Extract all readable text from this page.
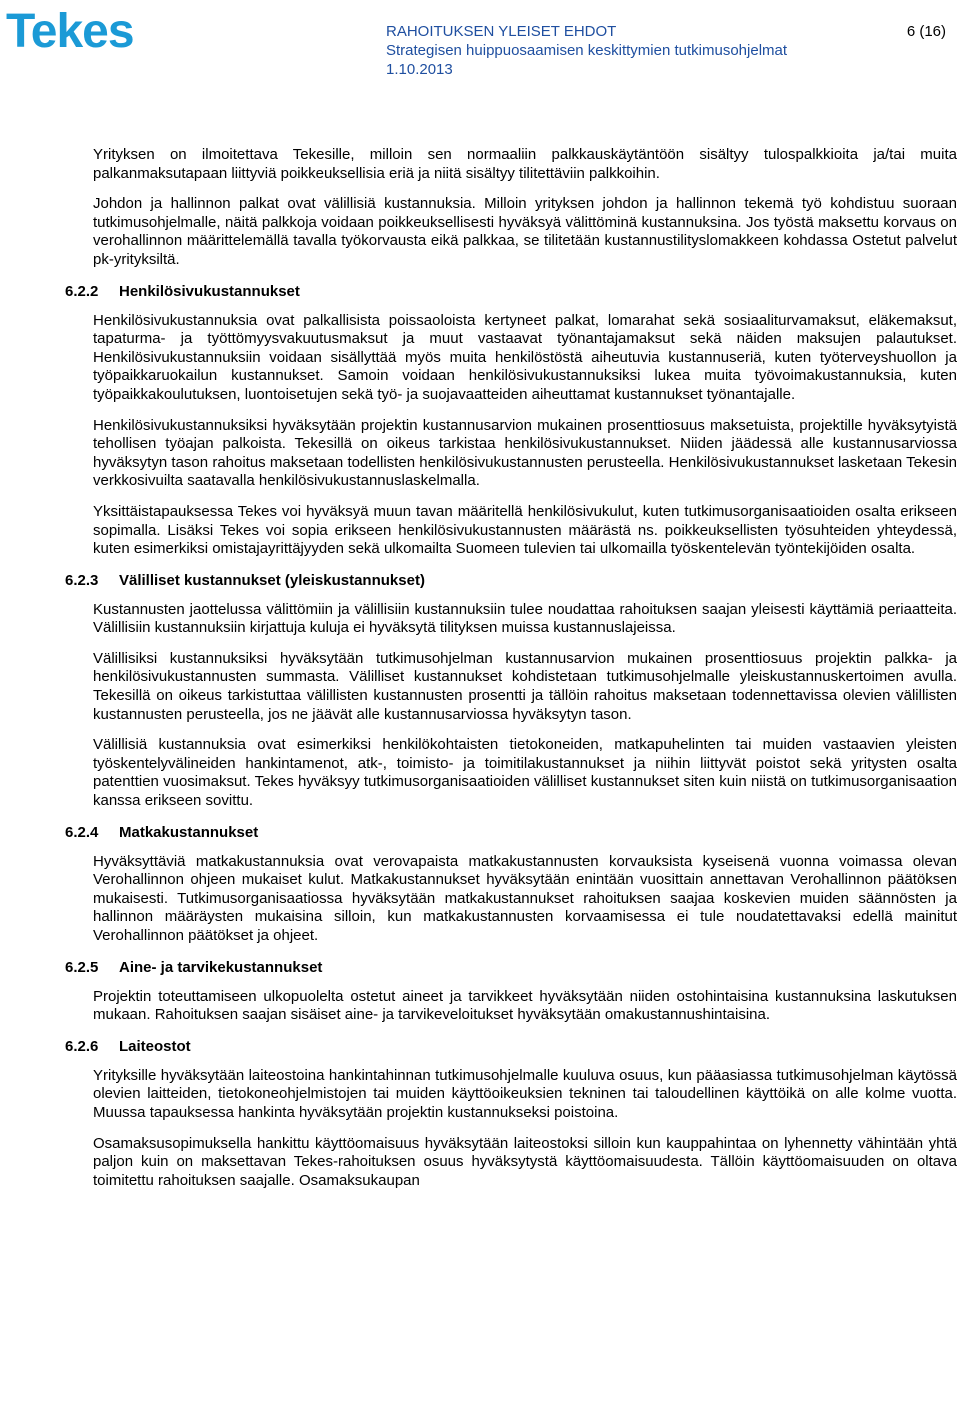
Tekes	RAHOITUKSEN YLEISET EHDOT	6 (16)
Strategisen huippuosaamisen keskittymien tutkimusohjelmat
1.10.2013

Yrityksen on ilmoitettava Tekesille, milloin sen normaaliin palkkauskäytäntöön sisältyy tulospalkkioita ja/tai muita palkanmaksutapaan liittyviä poikkeuksellisia eriä ja niitä sisältyy tilitettäviin palkkoihin.

Johdon ja hallinnon palkat ovat välillisiä kustannuksia. Milloin yrityksen johdon ja hallinnon tekemä työ kohdistuu suoraan tutkimusohjelmalle, näitä palkkoja voidaan poikkeuksellisesti hyväksyä välittöminä kustannuksina. Jos työstä maksettu korvaus on verohallinnon määrittelemällä tavalla työkorvausta eikä palkkaa, se tilitetään kustannustilityslomakkeen kohdassa Ostetut palvelut pk-yrityksiltä.

6.2.2 Henkilösivukustannukset

Henkilösivukustannuksia ovat palkallisista poissaoloista kertyneet palkat, lomarahat sekä sosiaaliturvamaksut, eläkemaksut, tapaturma- ja työttömyysvakuutusmaksut ja muut vastaavat työnantajamaksut sekä näiden maksujen palautukset. Henkilösivukustannuksiin voidaan sisällyttää myös muita henkilöstöstä aiheutuvia kustannuseriä, kuten työterveyshuollon ja työpaikkaruokailun kustannukset. Samoin voidaan henkilösivukustannuksiksi lukea muita työvoimakustannuksia, kuten työpaikkakoulutuksen, luontoisetujen sekä työ- ja suojavaatteiden aiheuttamat kustannukset työnantajalle.

Henkilösivukustannuksiksi hyväksytään projektin kustannusarvion mukainen prosenttiosuus maksetuista, projektille hyväksytyistä tehollisen työajan palkoista. Tekesillä on oikeus tarkistaa henkilösivukustannukset. Niiden jäädessä alle kustannusarviossa hyväksytyn tason rahoitus maksetaan todellisten henkilösivukustannusten perusteella. Henkilösivukustannukset lasketaan Tekesin verkkosivuilta saatavalla henkilösivukustannuslaskelmalla.

Yksittäistapauksessa Tekes voi hyväksyä muun tavan määritellä henkilösivukulut, kuten tutkimusorganisaatioiden osalta erikseen sopimalla. Lisäksi Tekes voi sopia erikseen henkilösivukustannusten määrästä ns. poikkeuksellisten työsuhteiden yhteydessä, kuten esimerkiksi omistajayrittäjyyden sekä ulkomailta Suomeen tulevien tai ulkomailla työskentelevän työntekijöiden osalta.

6.2.3 Välilliset kustannukset (yleiskustannukset)

Kustannusten jaottelussa välittömiin ja välillisiin kustannuksiin tulee noudattaa rahoituksen saajan yleisesti käyttämiä periaatteita. Välillisiin kustannuksiin kirjattuja kuluja ei hyväksytä tilityksen muissa kustannuslajeissa.

Välillisiksi kustannuksiksi hyväksytään tutkimusohjelman kustannusarvion mukainen prosenttiosuus projektin palkka- ja henkilösivukustannusten summasta. Välilliset kustannukset kohdistetaan tutkimusohjelmalle yleiskustannuskertoimen avulla. Tekesillä on oikeus tarkistuttaa välillisten kustannusten prosentti ja tällöin rahoitus maksetaan todennettavissa olevien välillisten kustannusten perusteella, jos ne jäävät alle kustannusarviossa hyväksytyn tason.

Välillisiä kustannuksia ovat esimerkiksi henkilökohtaisten tietokoneiden, matkapuhelinten tai muiden vastaavien yleisten työskentelyvälineiden hankintamenot, atk-, toimisto- ja toimitilakustannukset ja niihin liittyvät poistot sekä yritysten osalta patenttien vuosimaksut. Tekes hyväksyy tutkimusorganisaatioiden välilliset kustannukset siten kuin niistä on tutkimusorganisaation kanssa erikseen sovittu.

6.2.4 Matkakustannukset

Hyväksyttäviä matkakustannuksia ovat verovapaista matkakustannusten korvauksista kyseisenä vuonna voimassa olevan Verohallinnon ohjeen mukaiset kulut. Matkakustannukset hyväksytään enintään vuosittain annettavan Verohallinnon päätöksen mukaisesti. Tutkimusorganisaatiossa hyväksytään matkakustannukset rahoituksen saajaa koskevien muiden säännösten ja hallinnon määräysten mukaisina silloin, kun matkakustannusten korvaamisessa ei tule noudatettavaksi edellä mainitut Verohallinnon päätökset ja ohjeet.

6.2.5 Aine- ja tarvikekustannukset

Projektin toteuttamiseen ulkopuolelta ostetut aineet ja tarvikkeet hyväksytään niiden ostohintaisina kustannuksina laskutuksen mukaan. Rahoituksen saajan sisäiset aine- ja tarvikeveloitukset hyväksytään omakustannushintaisina.

6.2.6 Laiteostot

Yrityksille hyväksytään laiteostoina hankintahinnan tutkimusohjelmalle kuuluva osuus, kun pääasiassa tutkimusohjelman käytössä olevien laitteiden, tietokoneohjelmistojen tai muiden käyttöoikeuksien tekninen tai taloudellinen käyttöikä on alle kolme vuotta. Muussa tapauksessa hankinta hyväksytään projektin kustannukseksi poistoina.

Osamaksusopimuksella hankittu käyttöomaisuus hyväksytään laiteostoksi silloin kun kauppahintaa on lyhennetty vähintään yhtä paljon kuin on maksettavan Tekes-rahoituksen osuus hyväksytystä käyttöomaisuudesta. Tällöin käyttöomaisuuden on oltava toimitettu rahoituksen saajalle. Osamaksukaupan
